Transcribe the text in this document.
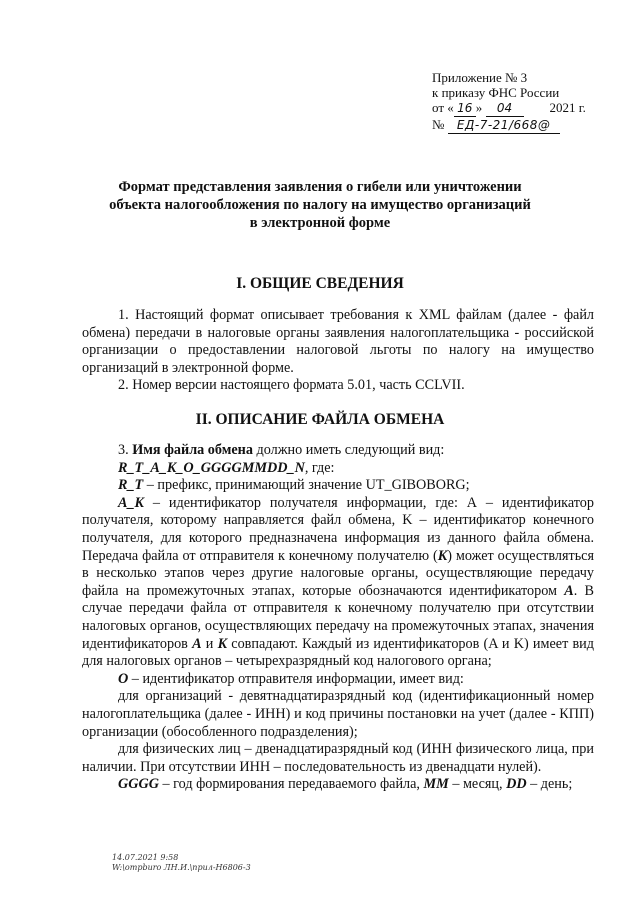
Приложение № 3
к приказу ФНС России
от « 16 » 04	2021 г.
№ ЕД-7-21/668@
Формат представления заявления о гибели или уничтожении
объекта налогообложения по налогу на имущество организаций
в электронной форме
I. ОБЩИЕ СВЕДЕНИЯ

1. Настоящий формат описывает требования к XML файлам (далее - файл обмена) передачи в налоговые органы заявления налогоплательщика - российской организации о предоставлении налоговой льготы по налогу на имущество организаций в электронной форме.

2. Номер версии настоящего формата 5.01, часть CCLVII.

II. ОПИСАНИЕ ФАЙЛА ОБМЕНА

3. Имя файла обмена должно иметь следующий вид:

R_T_A_K_O_GGGGMMDD_N, где:

R_T – префикс, принимающий значение UT_GIBOBORG;

A_K – идентификатор получателя информации, где: А – идентификатор получателя, которому направляется файл обмена, K – идентификатор конечного получателя, для которого предназначена информация из данного файла обмена. Передача файла от отправителя к конечному получателю (K) может осуществляться в несколько этапов через другие налоговые органы, осуществляющие передачу файла на промежуточных этапах, которые обозначаются идентификатором А. В случае передачи файла от отправителя к конечному получателю при отсутствии налоговых органов, осуществляющих передачу на промежуточных этапах, значения идентификаторов А и K совпадают. Каждый из идентификаторов (A и K) имеет вид для налоговых органов – четырехразрядный код налогового органа;

O – идентификатор отправителя информации, имеет вид:

для организаций - девятнадцатиразрядный код (идентификационный номер налогоплательщика (далее - ИНН) и код причины постановки на учет (далее - КПП) организации (обособленного подразделения);

для физических лиц – двенадцатиразрядный код (ИНН физического лица, при наличии. При отсутствии ИНН – последовательность из двенадцати нулей).

GGGG – год формирования передаваемого файла, MM – месяц, DD – день;

14.07.2021 9:58
W:\ompburo ЛН.И.\прил-Н6806-3
